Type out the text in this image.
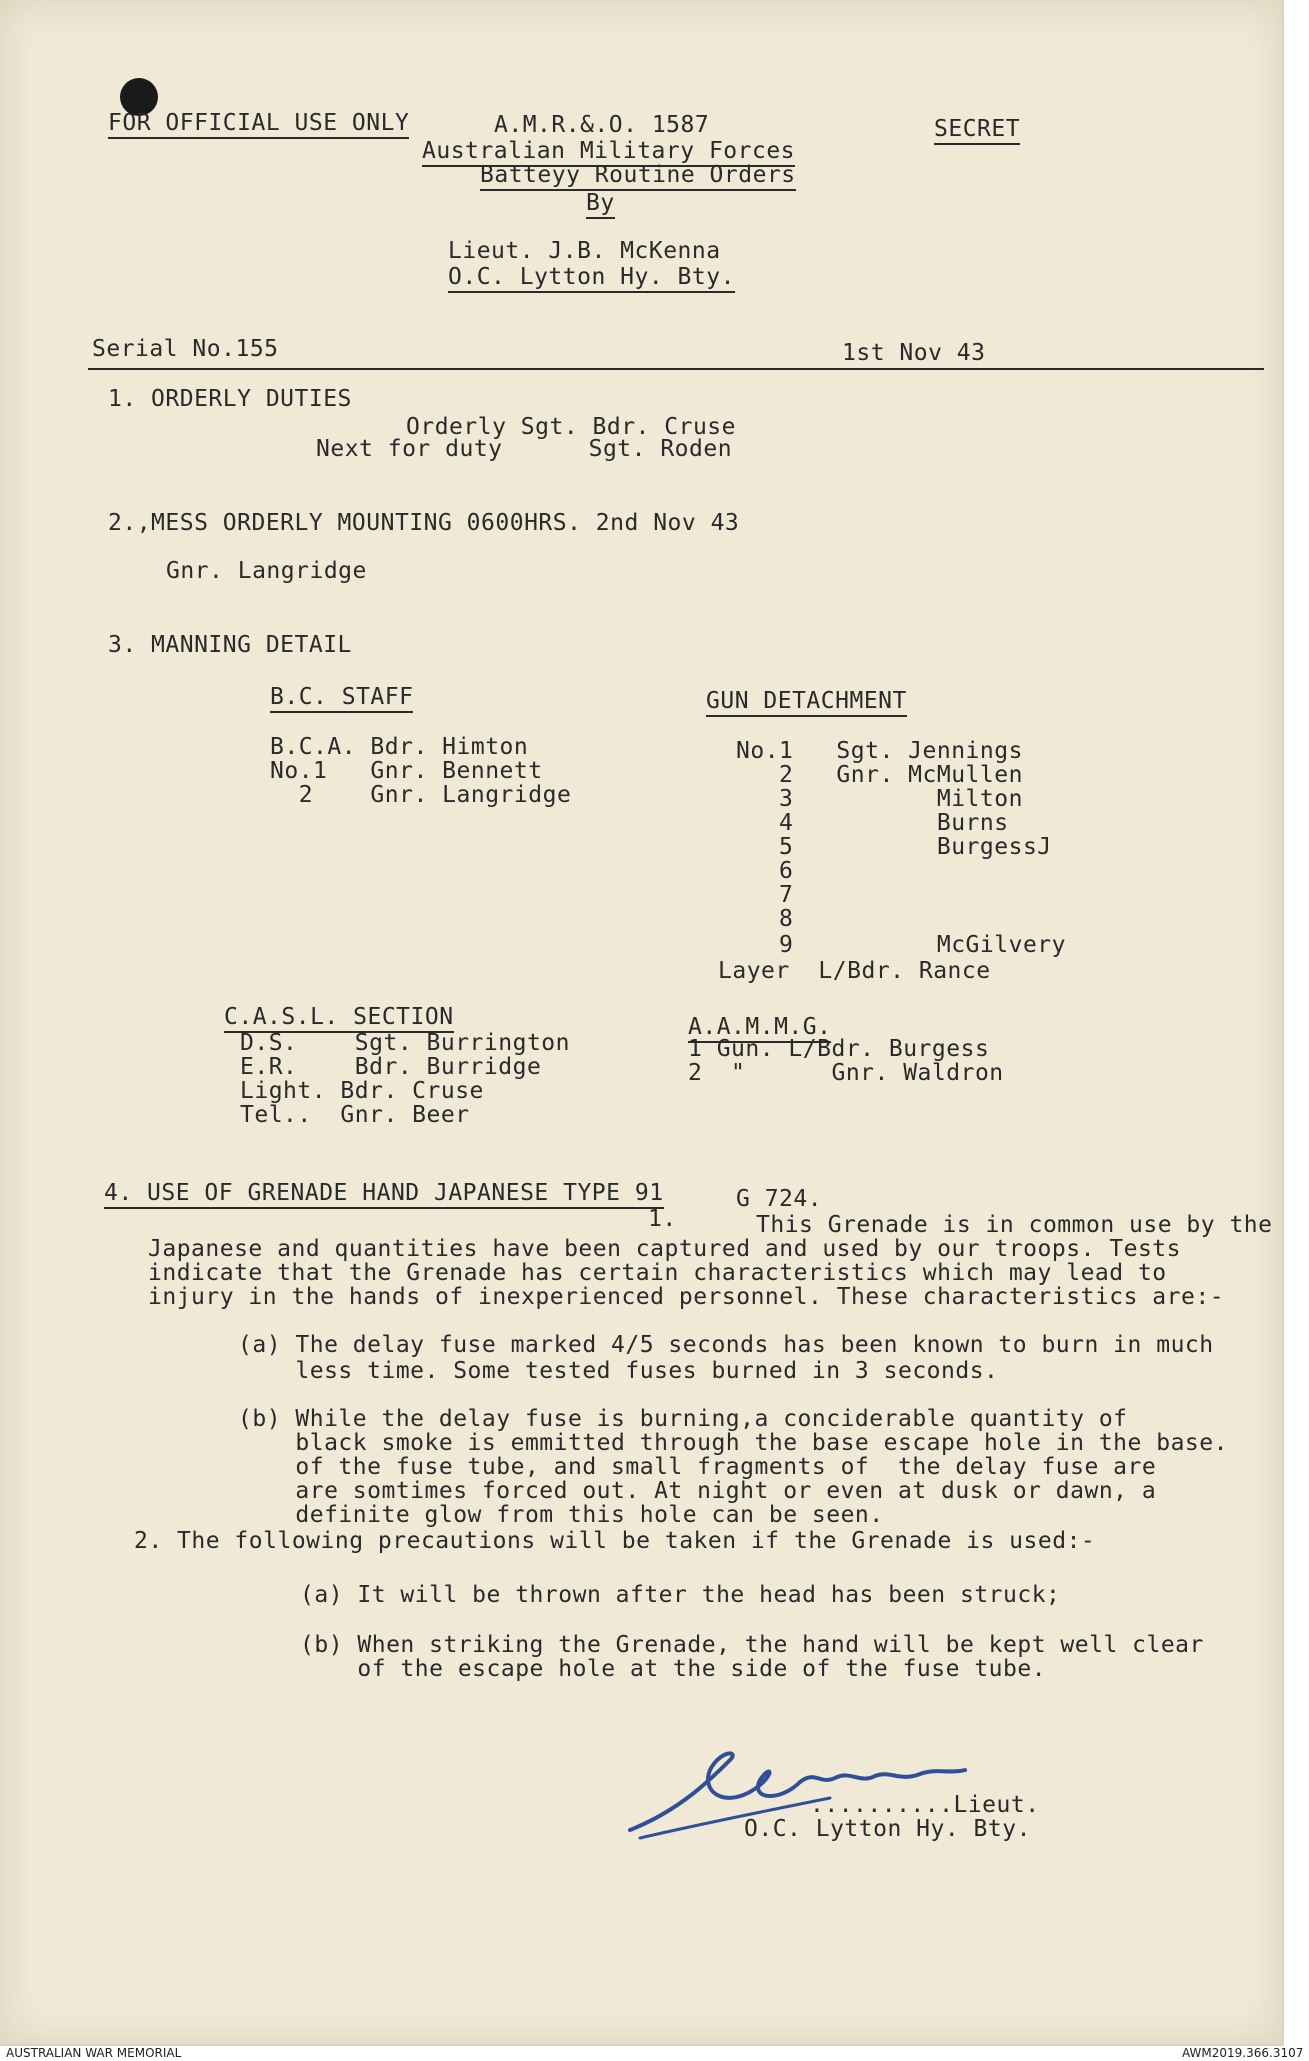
FOR OFFICIAL USE ONLY	A.M.R.&.O. 1587	SECRET
Australian Military Forces
Batteyy Routine Orders
By
Lieut. J.B. McKenna
O.C. Lytton Hy. Bty.
Serial No.155	1st Nov 43
1. ORDERLY DUTIES
Orderly Sgt. Bdr. Cruse
Next for duty      Sgt. Roden
2.,MESS ORDERLY MOUNTING 0600HRS. 2nd Nov 43
Gnr. Langridge
3. MANNING DETAIL
B.C. STAFF
B.C.A. Bdr. Himton
No.1   Gnr. Bennett
2    Gnr. Langridge
GUN DETACHMENT
No.1   Sgt. Jennings
2   Gnr. McMullen
3          Milton
4          Burns
5          BurgessJ
6
7
8
9          McGilvery
Layer  L/Bdr. Rance
C.A.S.L. SECTION
D.S.    Sgt. Burrington
E.R.    Bdr. Burridge
Light. Bdr. Cruse
Tel..  Gnr. Beer
A.A.M.M.G.
1 Gun. L/Bdr. Burgess
2  "      Gnr. Waldron
4. USE OF GRENADE HAND JAPANESE TYPE 91	G 724.
1.	This Grenade is in common use by the
Japanese and quantities have been captured and used by our troops. Tests
indicate that the Grenade has certain characteristics which may lead to
injury in the hands of inexperienced personnel. These characteristics are:-
(a) The delay fuse marked 4/5 seconds has been known to burn in much
less time. Some tested fuses burned in 3 seconds.
(b) While the delay fuse is burning,a conciderable quantity of
black smoke is emmitted through the base escape hole in the base.
of the fuse tube, and small fragments of  the delay fuse are
are somtimes forced out. At night or even at dusk or dawn, a
definite glow from this hole can be seen.
2. The following precautions will be taken if the Grenade is used:-
(a) It will be thrown after the head has been struck;
(b) When striking the Grenade, the hand will be kept well clear
of the escape hole at the side of the fuse tube.
..........Lieut.
O.C. Lytton Hy. Bty.
AUSTRALIAN WAR MEMORIAL	AWM2019.366.3107
